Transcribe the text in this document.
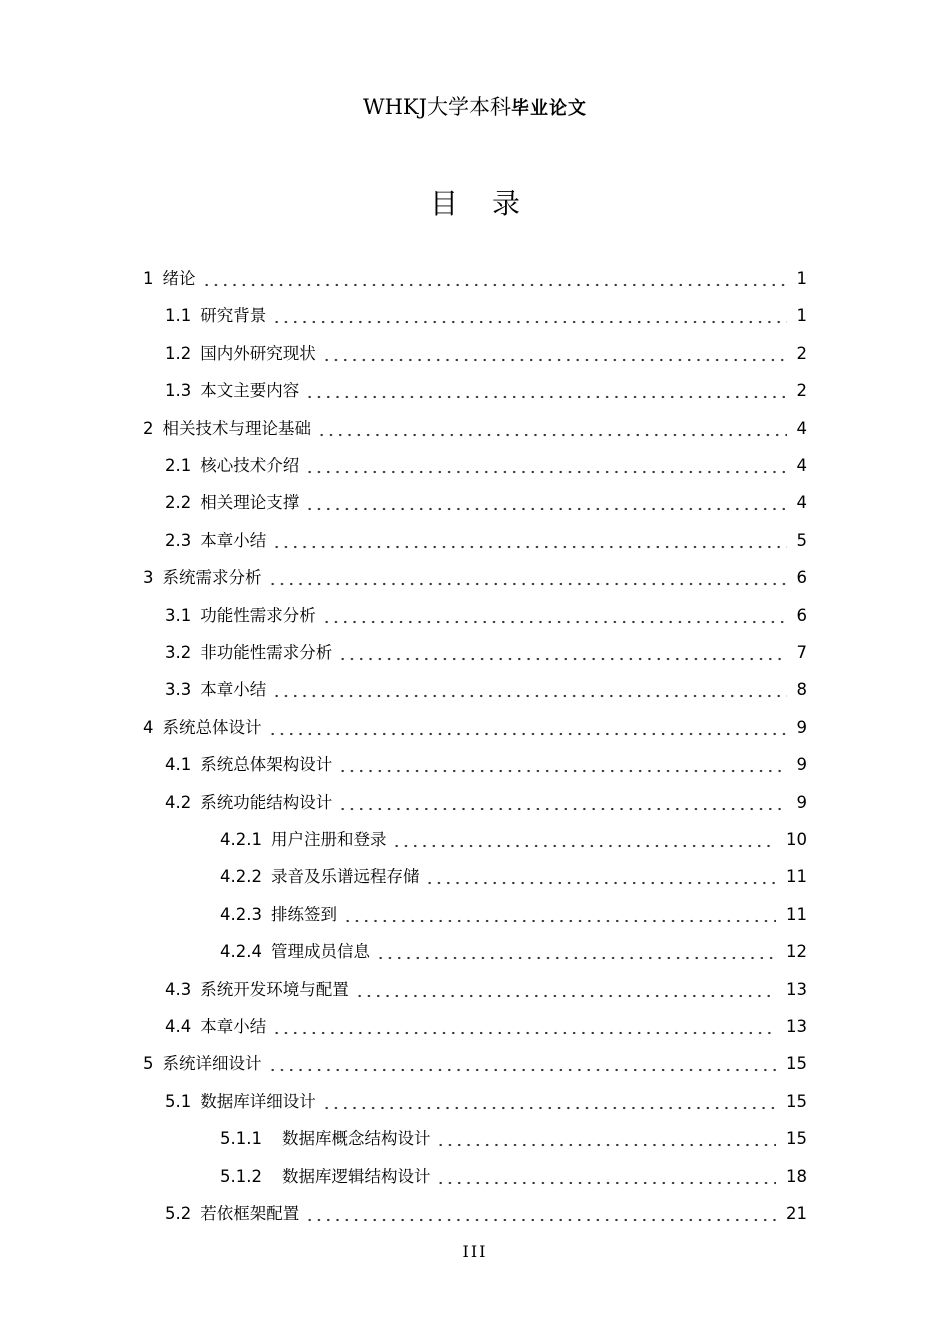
WHKJ大学本科毕业论文
目录
1 绪论	1
1.1 研究背景	1
1.2 国内外研究现状	2
1.3 本文主要内容	2
2 相关技术与理论基础	4
2.1 核心技术介绍	4
2.2 相关理论支撑	4
2.3 本章小结	5
3 系统需求分析	6
3.1 功能性需求分析	6
3.2 非功能性需求分析	7
3.3 本章小结	8
4 系统总体设计	9
4.1 系统总体架构设计	9
4.2 系统功能结构设计	9
4.2.1 用户注册和登录	10
4.2.2 录音及乐谱远程存储	11
4.2.3 排练签到	11
4.2.4 管理成员信息	12
4.3 系统开发环境与配置	13
4.4 本章小结	13
5 系统详细设计	15
5.1 数据库详细设计	15
5.1.1 数据库概念结构设计	15
5.1.2 数据库逻辑结构设计	18
5.2 若依框架配置	21
III
